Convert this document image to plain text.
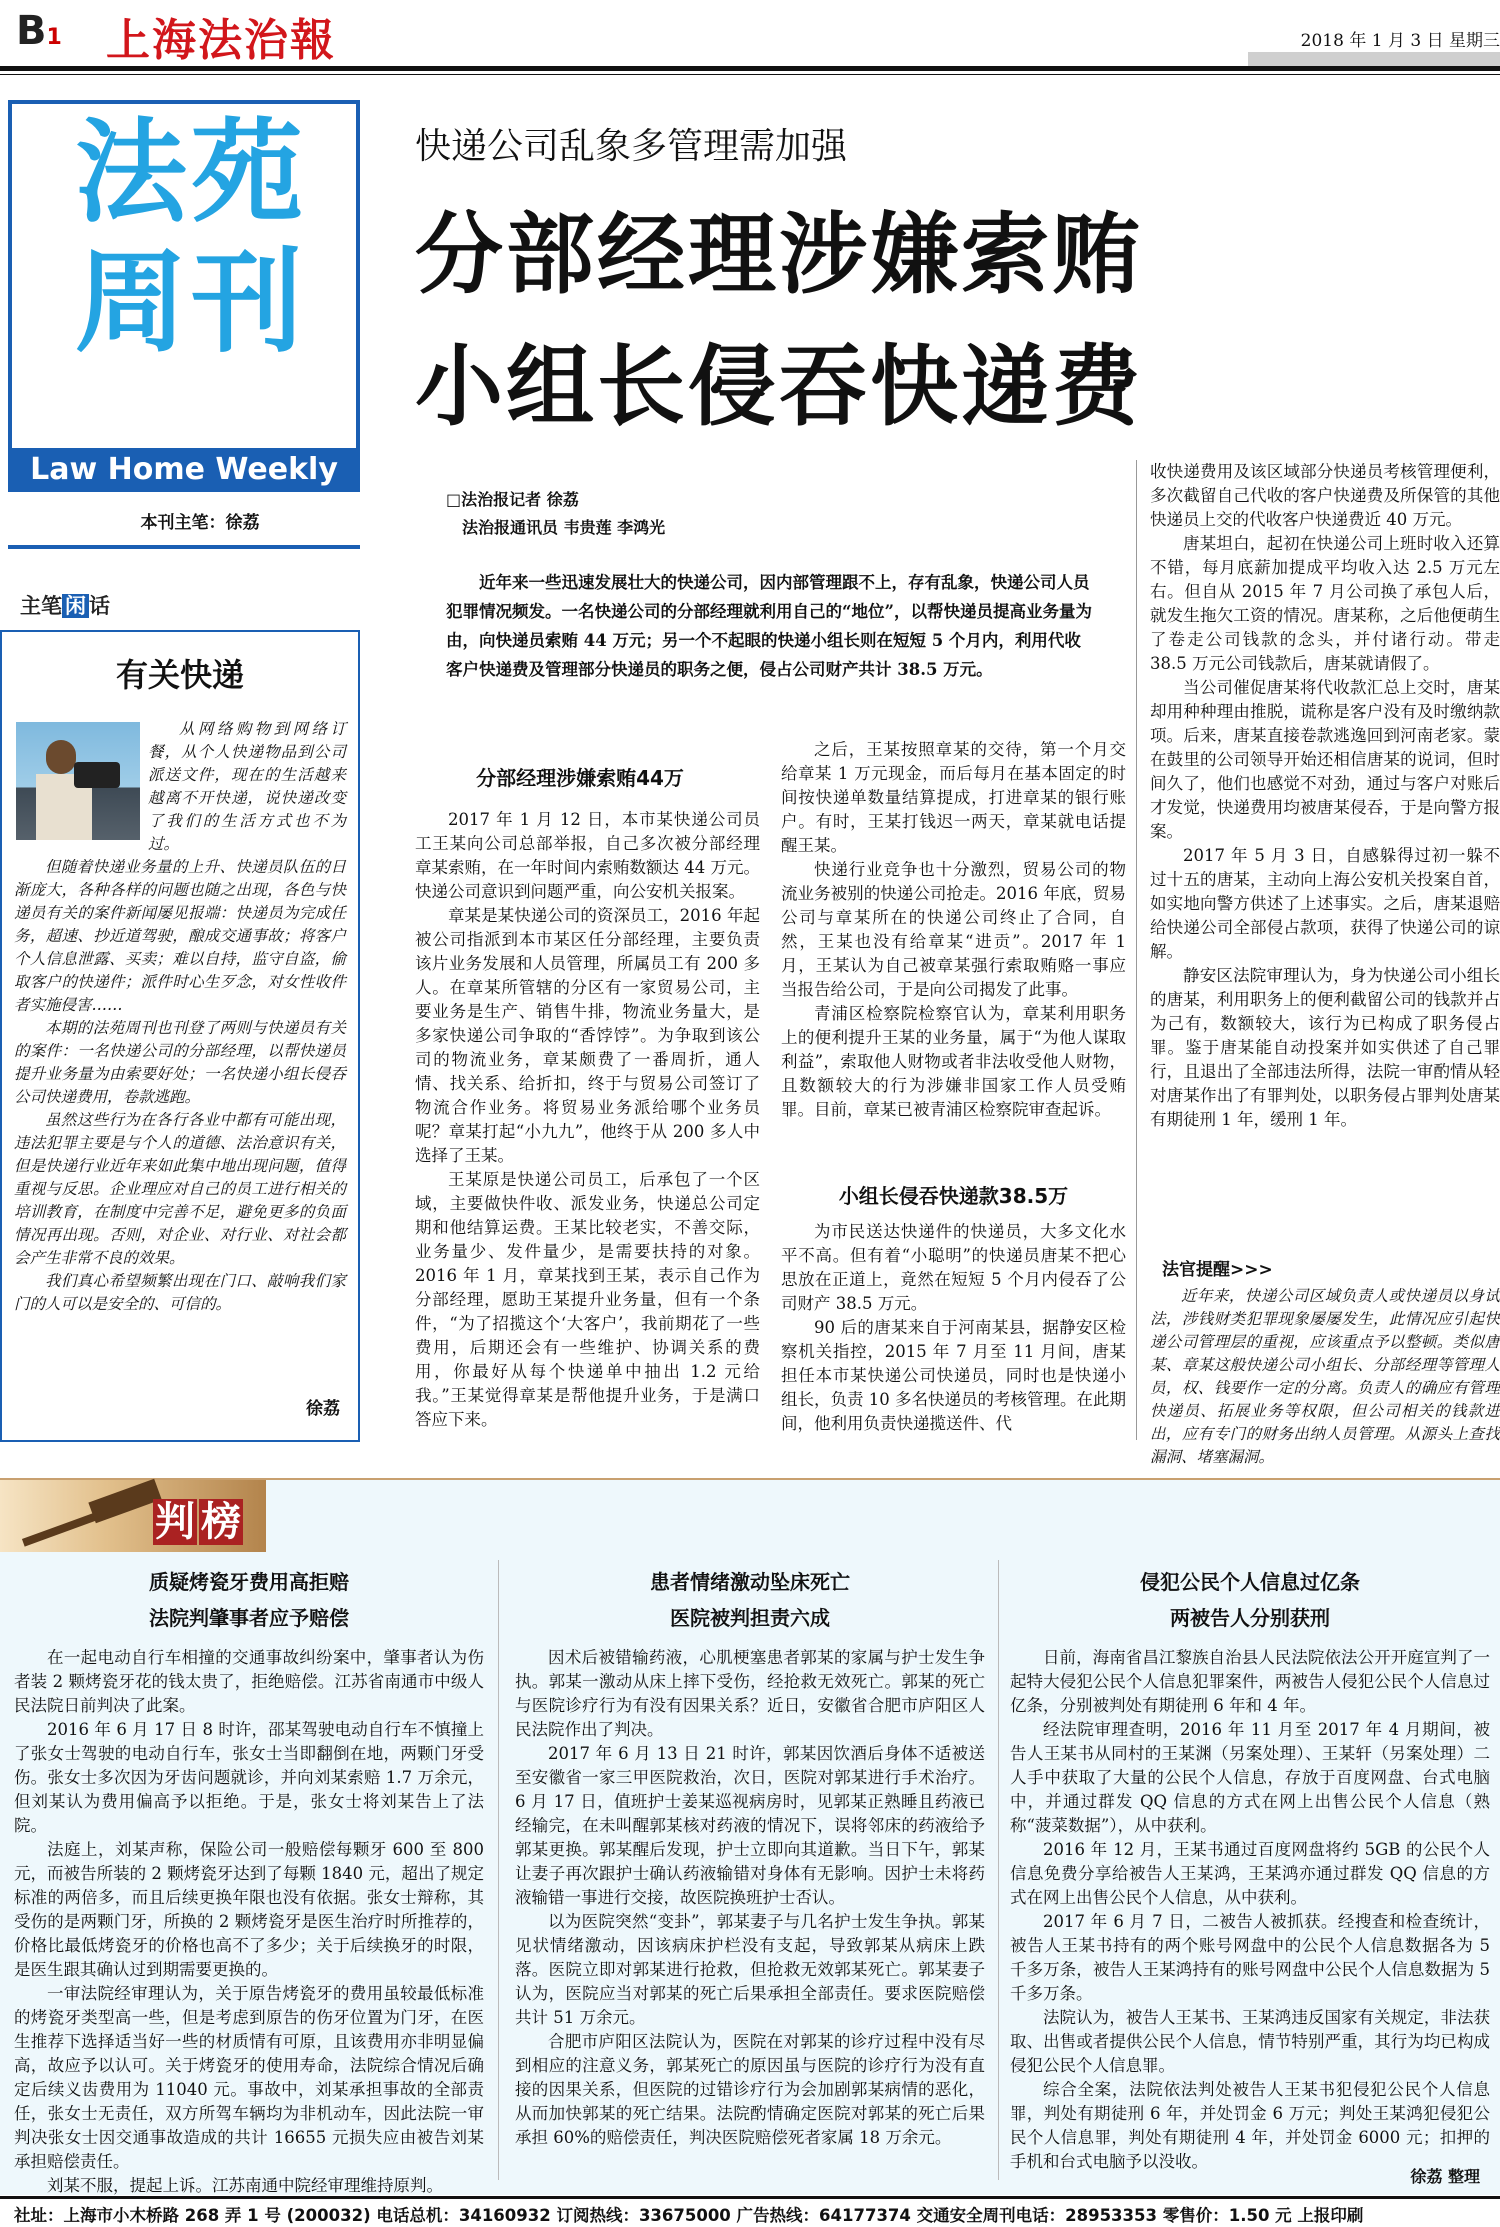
B1 上海法治報	2018 年 1 月 3 日 星期三
法苑
周刊
Law Home Weekly
本刊主笔：徐荔
主笔 闲 话
有关快递

从网络购物到网络订餐，从个人快递物品到公司派送文件，现在的生活越来越离不开快递，说快递改变了我们的生活方式也不为过。

但随着快递业务量的上升、快递员队伍的日渐庞大，各种各样的问题也随之出现，各色与快递员有关的案件新闻屡见报端：快递员为完成任务，超速、抄近道驾驶，酿成交通事故；将客户个人信息泄露、买卖；难以自持，监守自盗，偷取客户的快递件；派件时心生歹念，对女性收件者实施侵害……

本期的法苑周刊也刊登了两则与快递员有关的案件：一名快递公司的分部经理，以帮快递员提升业务量为由索要好处；一名快递小组长侵吞公司快递费用，卷款逃跑。

虽然这些行为在各行各业中都有可能出现，违法犯罪主要是与个人的道德、法治意识有关，但是快递行业近年来如此集中地出现问题，值得重视与反思。企业理应对自己的员工进行相关的培训教育，在制度中完善不足，避免更多的负面情况再出现。否则，对企业、对行业、对社会都会产生非常不良的效果。

我们真心希望频繁出现在门口、敲响我们家门的人可以是安全的、可信的。

徐荔
快递公司乱象多管理需加强
分部经理涉嫌索贿
小组长侵吞快递费
□法治报记者 徐荔
法治报通讯员 韦贵莲 李鸿光

近年来一些迅速发展壮大的快递公司，因内部管理跟不上，存有乱象，快递公司人员犯罪情况频发。一名快递公司的分部经理就利用自己的“地位”，以帮快递员提高业务量为由，向快递员索贿 44 万元；另一个不起眼的快递小组长则在短短 5 个月内，利用代收客户快递费及管理部分快递员的职务之便，侵占公司财产共计 38.5 万元。

分部经理涉嫌索贿44万

2017 年 1 月 12 日，本市某快递公司员工王某向公司总部举报，自己多次被分部经理章某索贿，在一年时间内索贿数额达 44 万元。快递公司意识到问题严重，向公安机关报案。

章某是某快递公司的资深员工，2016 年起被公司指派到本市某区任分部经理，主要负责该片业务发展和人员管理，所属员工有 200 多人。在章某所管辖的分区有一家贸易公司，主要业务是生产、销售牛排，物流业务量大，是多家快递公司争取的“香饽饽”。为争取到该公司的物流业务，章某颇费了一番周折，通人情、找关系、给折扣，终于与贸易公司签订了物流合作业务。将贸易业务派给哪个业务员呢？章某打起“小九九”，他终于从 200 多人中选择了王某。

王某原是快递公司员工，后承包了一个区域，主要做快件收、派发业务，快递总公司定期和他结算运费。王某比较老实，不善交际，业务量少、发件量少，是需要扶持的对象。2016 年 1 月，章某找到王某，表示自己作为分部经理，愿助王某提升业务量，但有一个条件，“为了招揽这个‘大客户’，我前期花了一些费用，后期还会有一些维护、协调关系的费用，你最好从每个快递单中抽出 1.2 元给我。”王某觉得章某是帮他提升业务，于是满口答应下来。

之后，王某按照章某的交待，第一个月交给章某 1 万元现金，而后每月在基本固定的时间按快递单数量结算提成，打进章某的银行账户。有时，王某打钱迟一两天，章某就电话提醒王某。

快递行业竞争也十分激烈，贸易公司的物流业务被别的快递公司抢走。2016 年底，贸易公司与章某所在的快递公司终止了合同，自然，王某也没有给章某“进贡”。2017 年 1 月，王某认为自己被章某强行索取贿赂一事应当报告给公司，于是向公司揭发了此事。

青浦区检察院检察官认为，章某利用职务上的便利提升王某的业务量，属于“为他人谋取利益”，索取他人财物或者非法收受他人财物，且数额较大的行为涉嫌非国家工作人员受贿罪。目前，章某已被青浦区检察院审查起诉。

小组长侵吞快递款38.5万

为市民送达快递件的快递员，大多文化水平不高。但有着“小聪明”的快递员唐某不把心思放在正道上，竟然在短短 5 个月内侵吞了公司财产 38.5 万元。

90 后的唐某来自于河南某县，据静安区检察机关指控，2015 年 7 月至 11 月间，唐某担任本市某快递公司快递员，同时也是快递小组长，负责 10 多名快递员的考核管理。在此期间，他利用负责快递揽送件、代

收快递费用及该区域部分快递员考核管理便利，多次截留自己代收的客户快递费及所保管的其他快递员上交的代收客户快递费近 40 万元。

唐某坦白，起初在快递公司上班时收入还算不错，每月底薪加提成平均收入达 2.5 万元左右。但自从 2015 年 7 月公司换了承包人后，就发生拖欠工资的情况。唐某称，之后他便萌生了卷走公司钱款的念头，并付诸行动。带走 38.5 万元公司钱款后，唐某就请假了。

当公司催促唐某将代收款汇总上交时，唐某却用种种理由推脱，谎称是客户没有及时缴纳款项。后来，唐某直接卷款逃逸回到河南老家。蒙在鼓里的公司领导开始还相信唐某的说词，但时间久了，他们也感觉不对劲，通过与客户对账后才发觉，快递费用均被唐某侵吞，于是向警方报案。

2017 年 5 月 3 日，自感躲得过初一躲不过十五的唐某，主动向上海公安机关投案自首，如实地向警方供述了上述事实。之后，唐某退赔给快递公司全部侵占款项，获得了快递公司的谅解。

静安区法院审理认为，身为快递公司小组长的唐某，利用职务上的便利截留公司的钱款并占为己有，数额较大，该行为已构成了职务侵占罪。鉴于唐某能自动投案并如实供述了自己罪行，且退出了全部违法所得，法院一审酌情从轻对唐某作出了有罪判处，以职务侵占罪判处唐某有期徒刑 1 年，缓刑 1 年。

法官提醒>>>

近年来，快递公司区域负责人或快递员以身试法，涉钱财类犯罪现象屡屡发生，此情况应引起快递公司管理层的重视，应该重点予以整顿。类似唐某、章某这般快递公司小组长、分部经理等管理人员，权、钱要作一定的分离。负责人的确应有管理快递员、拓展业务等权限，但公司相关的钱款进出，应有专门的财务出纳人员管理。从源头上查找漏洞、堵塞漏洞。

判 榜
质疑烤瓷牙费用高拒赔
法院判肇事者应予赔偿
患者情绪激动坠床死亡
医院被判担责六成
侵犯公民个人信息过亿条
两被告人分别获刑

在一起电动自行车相撞的交通事故纠纷案中，肇事者认为伤者装 2 颗烤瓷牙花的钱太贵了，拒绝赔偿。江苏省南通市中级人民法院日前判决了此案。

2016 年 6 月 17 日 8 时许，邵某驾驶电动自行车不慎撞上了张女士驾驶的电动自行车，张女士当即翻倒在地，两颗门牙受伤。张女士多次因为牙齿问题就诊，并向刘某索赔 1.7 万余元，但刘某认为费用偏高予以拒绝。于是，张女士将刘某告上了法院。

法庭上，刘某声称，保险公司一般赔偿每颗牙 600 至 800 元，而被告所装的 2 颗烤瓷牙达到了每颗 1840 元，超出了规定标准的两倍多，而且后续更换年限也没有依据。张女士辩称，其受伤的是两颗门牙，所换的 2 颗烤瓷牙是医生治疗时所推荐的，价格比最低烤瓷牙的价格也高不了多少；关于后续换牙的时限，是医生跟其确认过到期需要更换的。

一审法院经审理认为，关于原告烤瓷牙的费用虽较最低标准的烤瓷牙类型高一些，但是考虑到原告的伤牙位置为门牙，在医生推荐下选择适当好一些的材质情有可原，且该费用亦非明显偏高，故应予以认可。关于烤瓷牙的使用寿命，法院综合情况后确定后续义齿费用为 11040 元。事故中，刘某承担事故的全部责任，张女士无责任，双方所驾车辆均为非机动车，因此法院一审判决张女士因交通事故造成的共计 16655 元损失应由被告刘某承担赔偿责任。

刘某不服，提起上诉。江苏南通中院经审理维持原判。

因术后被错输药液，心肌梗塞患者郭某的家属与护士发生争执。郭某一激动从床上摔下受伤，经抢救无效死亡。郭某的死亡与医院诊疗行为有没有因果关系？近日，安徽省合肥市庐阳区人民法院作出了判决。

2017 年 6 月 13 日 21 时许，郭某因饮酒后身体不适被送至安徽省一家三甲医院救治，次日，医院对郭某进行手术治疗。6 月 17 日，值班护士姜某巡视病房时，见郭某正熟睡且药液已经输完，在未叫醒郭某核对药液的情况下，误将邻床的药液给予郭某更换。郭某醒后发现，护士立即向其道歉。当日下午，郭某让妻子再次跟护士确认药液输错对身体有无影响。因护士未将药液输错一事进行交接，故医院换班护士否认。

以为医院突然“变卦”，郭某妻子与几名护士发生争执。郭某见状情绪激动，因该病床护栏没有支起，导致郭某从病床上跌落。医院立即对郭某进行抢救，但抢救无效郭某死亡。郭某妻子认为，医院应当对郭某的死亡后果承担全部责任。要求医院赔偿共计 51 万余元。

合肥市庐阳区法院认为，医院在对郭某的诊疗过程中没有尽到相应的注意义务，郭某死亡的原因虽与医院的诊疗行为没有直接的因果关系，但医院的过错诊疗行为会加剧郭某病情的恶化，从而加快郭某的死亡结果。法院酌情确定医院对郭某的死亡后果承担 60%的赔偿责任，判决医院赔偿死者家属 18 万余元。

日前，海南省昌江黎族自治县人民法院依法公开开庭宣判了一起特大侵犯公民个人信息犯罪案件，两被告人侵犯公民个人信息过亿条，分别被判处有期徒刑 6 年和 4 年。

经法院审理查明，2016 年 11 月至 2017 年 4 月期间，被告人王某书从同村的王某渊（另案处理）、王某轩（另案处理）二人手中获取了大量的公民个人信息，存放于百度网盘、台式电脑中，并通过群发 QQ 信息的方式在网上出售公民个人信息（熟称“菠菜数据”），从中获利。

2016 年 12 月，王某书通过百度网盘将约 5GB 的公民个人信息免费分享给被告人王某鸿，王某鸿亦通过群发 QQ 信息的方式在网上出售公民个人信息，从中获利。

2017 年 6 月 7 日，二被告人被抓获。经搜查和检查统计，被告人王某书持有的两个账号网盘中的公民个人信息数据各为 5 千多万条，被告人王某鸿持有的账号网盘中公民个人信息数据为 5 千多万条。

法院认为，被告人王某书、王某鸿违反国家有关规定，非法获取、出售或者提供公民个人信息，情节特别严重，其行为均已构成侵犯公民个人信息罪。

综合全案，法院依法判处被告人王某书犯侵犯公民个人信息罪，判处有期徒刑 6 年，并处罚金 6 万元；判处王某鸿犯侵犯公民个人信息罪，判处有期徒刑 4 年，并处罚金 6000 元；扣押的手机和台式电脑予以没收。

徐荔 整理
社址：上海市小木桥路 268 弄 1 号 (200032) 电话总机：34160932 订阅热线：33675000 广告热线：64177374 交通安全周刊电话：28953353 零售价：1.50 元 上报印刷
